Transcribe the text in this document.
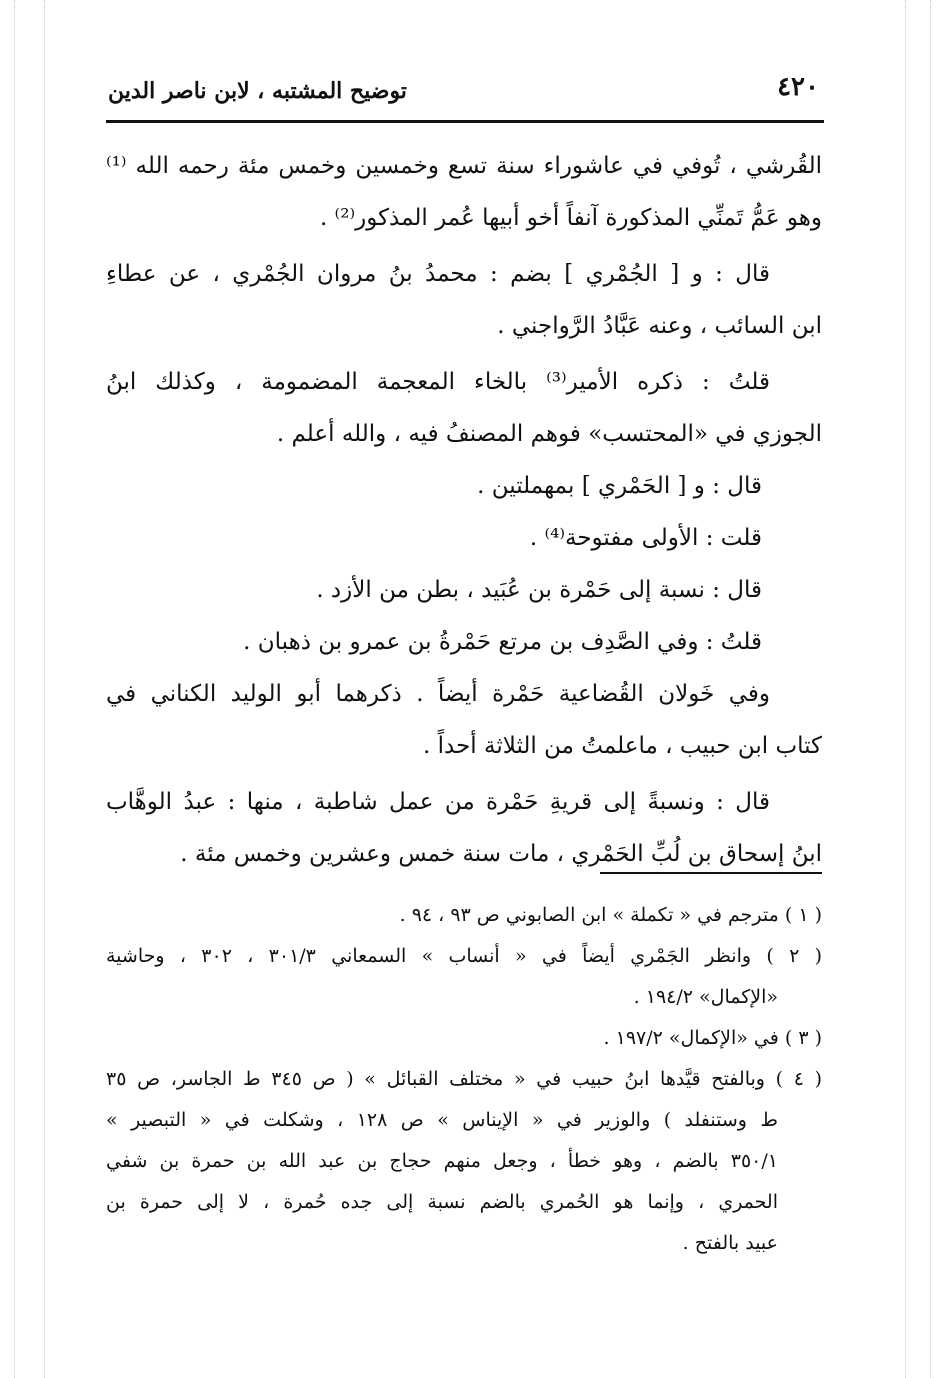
٤٢٠
توضيح المشتبه ، لابن ناصر الدين
القُرشي ، تُوفي في عاشوراء سنة تسع وخمسين وخمس مئة رحمه الله ⁽¹⁾
وهو عَمُّ تَمنِّي المذكورة آنفاً أخو أبيها عُمر المذكور⁽²⁾ .
قال : و [ الجُمْري ] بضم : محمدُ بنُ مروان الجُمْري ، عن عطاءِ
ابن السائب ، وعنه عَبَّادُ الرَّواجني .
قلتُ : ذكره الأمير⁽³⁾ بالخاء المعجمة المضمومة ، وكذلك ابنُ
الجوزي في «المحتسب» فوهم المصنفُ فيه ، والله أعلم .
قال : و [ الحَمْري ] بمهملتين .
قلت : الأولى مفتوحة⁽⁴⁾ .
قال : نسبة إلى حَمْرة بن عُبَيد ، بطن من الأزد .
قلتُ : وفي الصَّدِف بن مرتع حَمْرةُ بن عمرو بن ذهبان .
وفي خَولان القُضاعية حَمْرة أيضاً . ذكرهما أبو الوليد الكناني في
كتاب ابن حبيب ، ماعلمتُ من الثلاثة أحداً .
قال : ونسبةً إلى قريةِ حَمْرة من عمل شاطبة ، منها : عبدُ الوهَّاب
ابنُ إسحاق بن لُبِّ الحَمْري ، مات سنة خمس وعشرين وخمس مئة .
( ١ ) مترجم في « تكملة » ابن الصابوني ص ٩٣ ، ٩٤ .
( ٢ ) وانظر الجَمْري أيضاً في « أنساب » السمعاني ٣٠١/٣ ، ٣٠٢ ، وحاشية
«الإكمال» ١٩٤/٢ .
( ٣ ) في «الإكمال» ١٩٧/٢ .
( ٤ ) وبالفتح قيَّدها ابنُ حبيب في « مختلف القبائل » ( ص ٣٤٥ ط الجاسر، ص ٣٥
ط وستنفلد ) والوزير في « الإيناس » ص ١٢٨ ، وشكلت في « التبصير »
٣٥٠/١ بالضم ، وهو خطأ ، وجعل منهم حجاج بن عبد الله بن حمرة بن شفي
الحمري ، وإنما هو الحُمري بالضم نسبة إلى جده حُمرة ، لا إلى حمرة بن
عبيد بالفتح .
